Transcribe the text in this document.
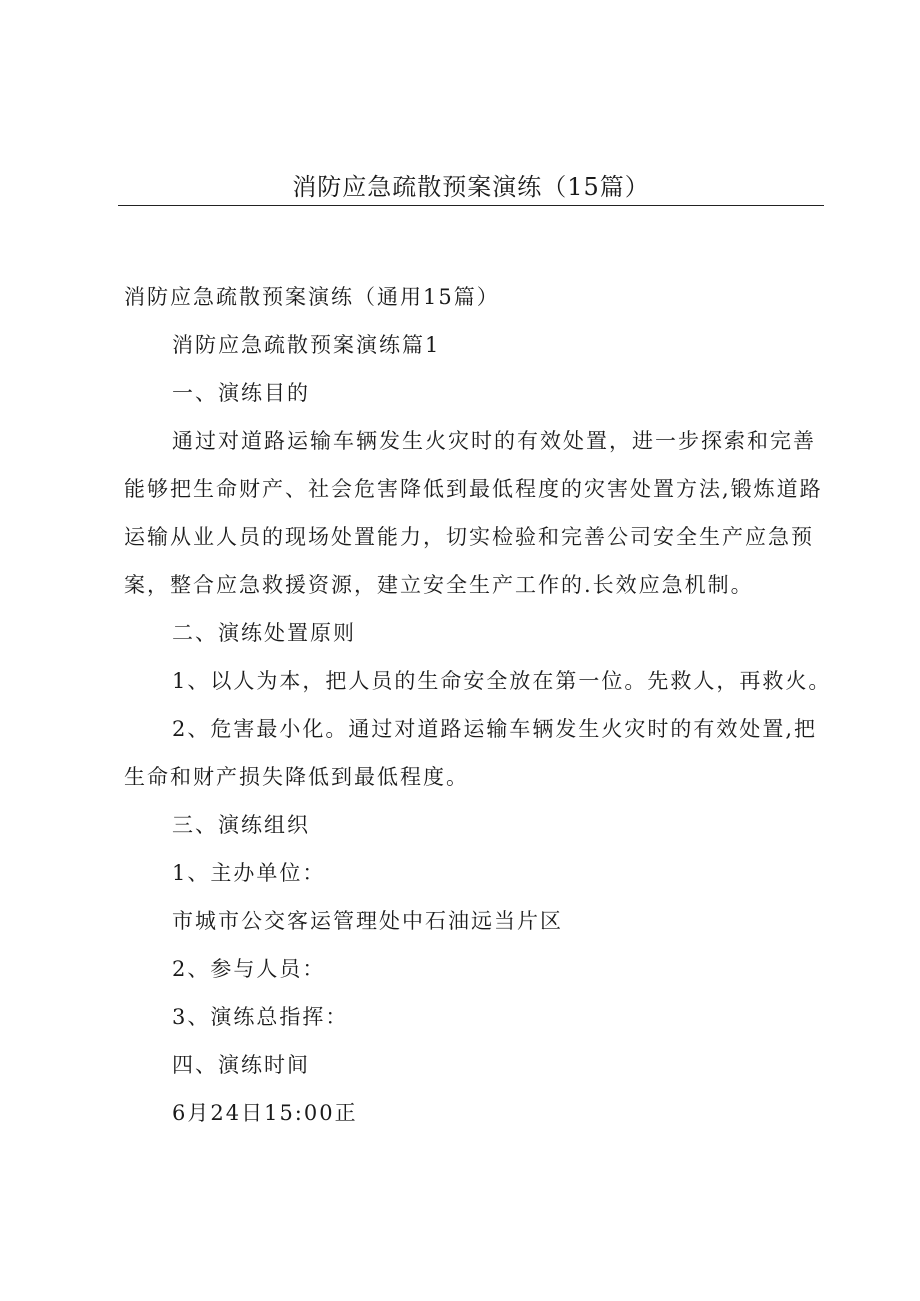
消防应急疏散预案演练（15篇）

消防应急疏散预案演练（通用15篇）

消防应急疏散预案演练篇1

一、演练目的

通过对道路运输车辆发生火灾时的有效处置，进一步探索和完善

能够把生命财产、社会危害降低到最低程度的灾害处置方法,锻炼道路

运输从业人员的现场处置能力，切实检验和完善公司安全生产应急预

案，整合应急救援资源，建立安全生产工作的.长效应急机制。

二、演练处置原则

1、以人为本，把人员的生命安全放在第一位。先救人，再救火。

2、危害最小化。通过对道路运输车辆发生火灾时的有效处置,把

生命和财产损失降低到最低程度。

三、演练组织

1、主办单位：

市城市公交客运管理处中石油远当片区

2、参与人员：

3、演练总指挥：

四、演练时间

6月24日15:00正
